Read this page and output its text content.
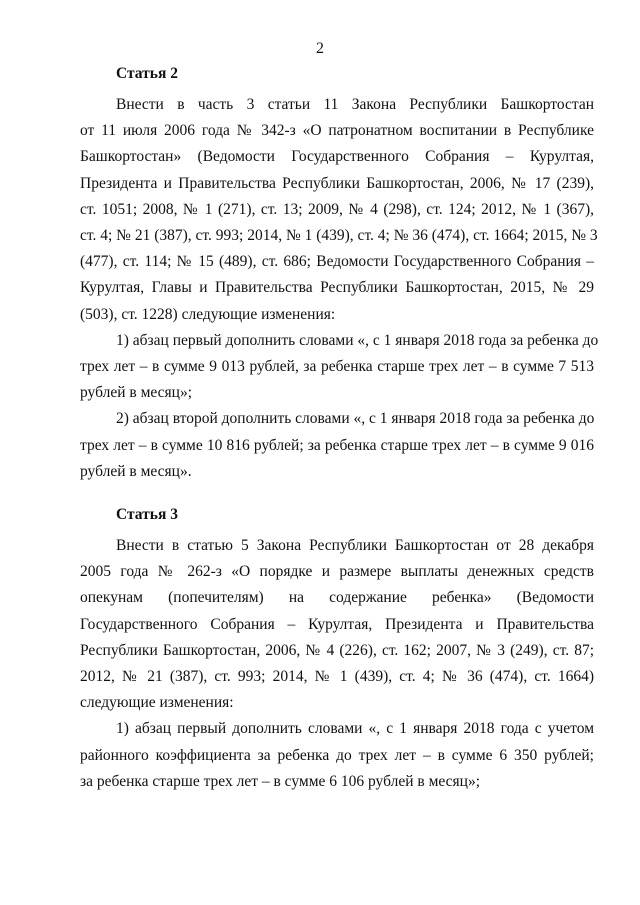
2
Статья 2
Внести в часть 3 статьи 11 Закона Республики Башкортостан
от 11 июля 2006 года № 342-з «О патронатном воспитании в Республике
Башкортостан» (Ведомости Государственного Собрания – Курултая,
Президента и Правительства Республики Башкортостан, 2006, № 17 (239),
ст. 1051; 2008, № 1 (271), ст. 13; 2009, № 4 (298), ст. 124; 2012, № 1 (367),
ст. 4; № 21 (387), ст. 993; 2014, № 1 (439), ст. 4; № 36 (474), ст. 1664; 2015, № 3
(477), ст. 114; № 15 (489), ст. 686; Ведомости Государственного Собрания –
Курултая, Главы и Правительства Республики Башкортостан, 2015, № 29
(503), ст. 1228) следующие изменения:
1) абзац первый дополнить словами «, с 1 января 2018 года за ребенка до
трех лет – в сумме 9 013 рублей, за ребенка старше трех лет – в сумме 7 513
рублей в месяц»;
2) абзац второй дополнить словами «, с 1 января 2018 года за ребенка до
трех лет – в сумме 10 816 рублей; за ребенка старше трех лет – в сумме 9 016
рублей в месяц».
Статья 3
Внести в статью 5 Закона Республики Башкортостан от 28 декабря
2005 года № 262-з «О порядке и размере выплаты денежных средств
опекунам (попечителям) на содержание ребенка» (Ведомости
Государственного Собрания – Курултая, Президента и Правительства
Республики Башкортостан, 2006, № 4 (226), ст. 162; 2007, № 3 (249), ст. 87;
2012, № 21 (387), ст. 993; 2014, № 1 (439), ст. 4; № 36 (474), ст. 1664)
следующие изменения:
1) абзац первый дополнить словами «, с 1 января 2018 года с учетом
районного коэффициента за ребенка до трех лет – в сумме 6 350 рублей;
за ребенка старше трех лет – в сумме 6 106 рублей в месяц»;
